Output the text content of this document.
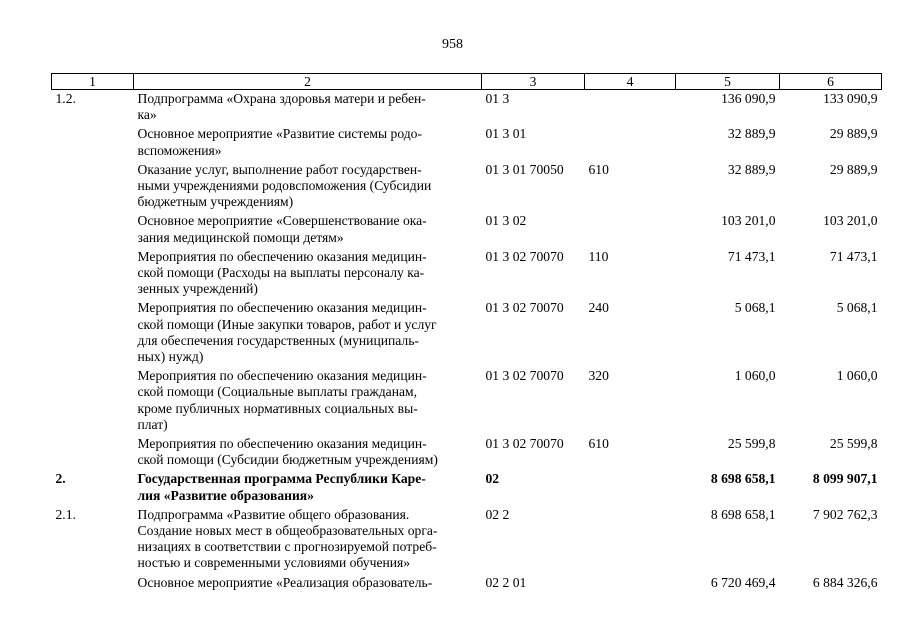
958
1	2	3	4	5	6
1.2.	Подпрограмма «Охрана здоровья матери и ребен-
ка»	01 3		136 090,9	133 090,9
	Основное мероприятие «Развитие системы родо-
вспоможения»	01 3 01		32 889,9	29 889,9
	Оказание услуг, выполнение работ государствен-
ными учреждениями родовспоможения (Субсидии
бюджетным учреждениям)	01 3 01 70050	610	32 889,9	29 889,9
	Основное мероприятие «Совершенствование ока-
зания медицинской помощи детям»	01 3 02		103 201,0	103 201,0
	Мероприятия по обеспечению оказания медицин-
ской помощи (Расходы на выплаты персоналу ка-
зенных учреждений)	01 3 02 70070	110	71 473,1	71 473,1
	Мероприятия по обеспечению оказания медицин-
ской помощи (Иные закупки товаров, работ и услуг
для обеспечения государственных (муниципаль-
ных) нужд)	01 3 02 70070	240	5 068,1	5 068,1
	Мероприятия по обеспечению оказания медицин-
ской помощи (Социальные выплаты гражданам,
кроме публичных нормативных социальных вы-
плат)	01 3 02 70070	320	1 060,0	1 060,0
	Мероприятия по обеспечению оказания медицин-
ской помощи (Субсидии бюджетным учреждениям)	01 3 02 70070	610	25 599,8	25 599,8
2.	Государственная программа Республики Каре-
лия «Развитие образования»	02		8 698 658,1	8 099 907,1
2.1.	Подпрограмма «Развитие общего образования.
Создание новых мест в общеобразовательных орга-
низациях в соответствии с прогнозируемой потреб-
ностью и современными условиями обучения»	02 2		8 698 658,1	7 902 762,3
	Основное мероприятие «Реализация образователь-	02 2 01		6 720 469,4	6 884 326,6
